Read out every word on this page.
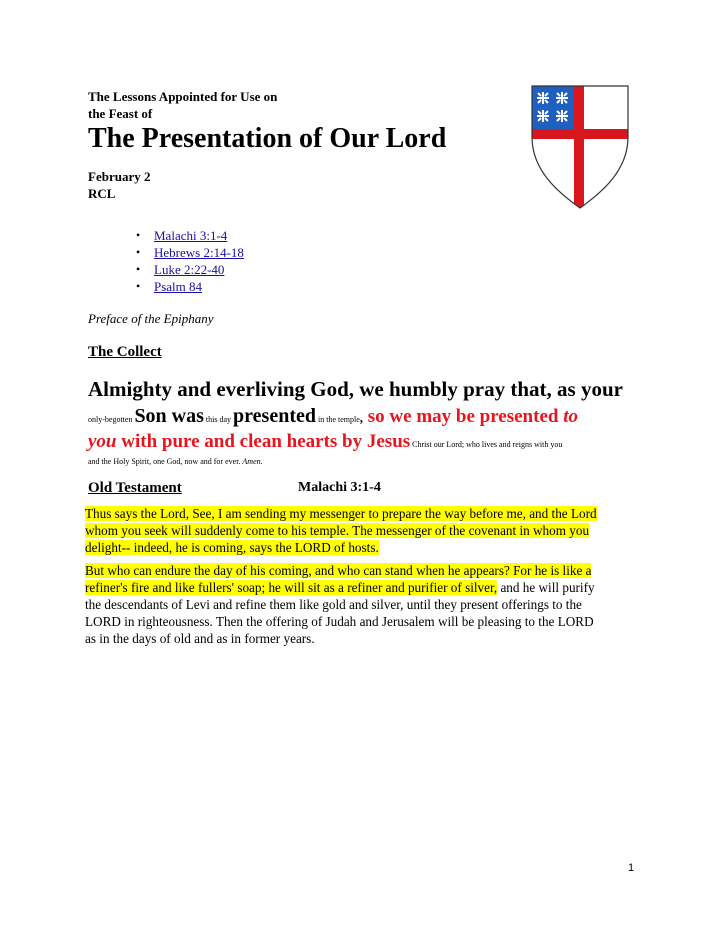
The Lessons Appointed for Use on
the Feast of
The Presentation of Our Lord
February 2
RCL
• Malachi 3:1-4
• Hebrews 2:14-18
• Luke 2:22-40
• Psalm 84
Preface of the Epiphany
The Collect
Almighty and everliving God, we humbly pray that, as your
only-begotten Son was this day presented in the temple, so we may be presented to
you with pure and clean hearts by Jesus Christ our Lord; who lives and reigns with you
and the Holy Spirit, one God, now and for ever. Amen.
Old Testament	Malachi 3:1-4
Thus says the Lord, See, I am sending my messenger to prepare the way before me, and the Lord
whom you seek will suddenly come to his temple. The messenger of the covenant in whom you
delight-- indeed, he is coming, says the LORD of hosts.
But who can endure the day of his coming, and who can stand when he appears? For he is like a
refiner's fire and like fullers' soap; he will sit as a refiner and purifier of silver, and he will purify
the descendants of Levi and refine them like gold and silver, until they present offerings to the
LORD in righteousness. Then the offering of Judah and Jerusalem will be pleasing to the LORD
as in the days of old and as in former years.
1
